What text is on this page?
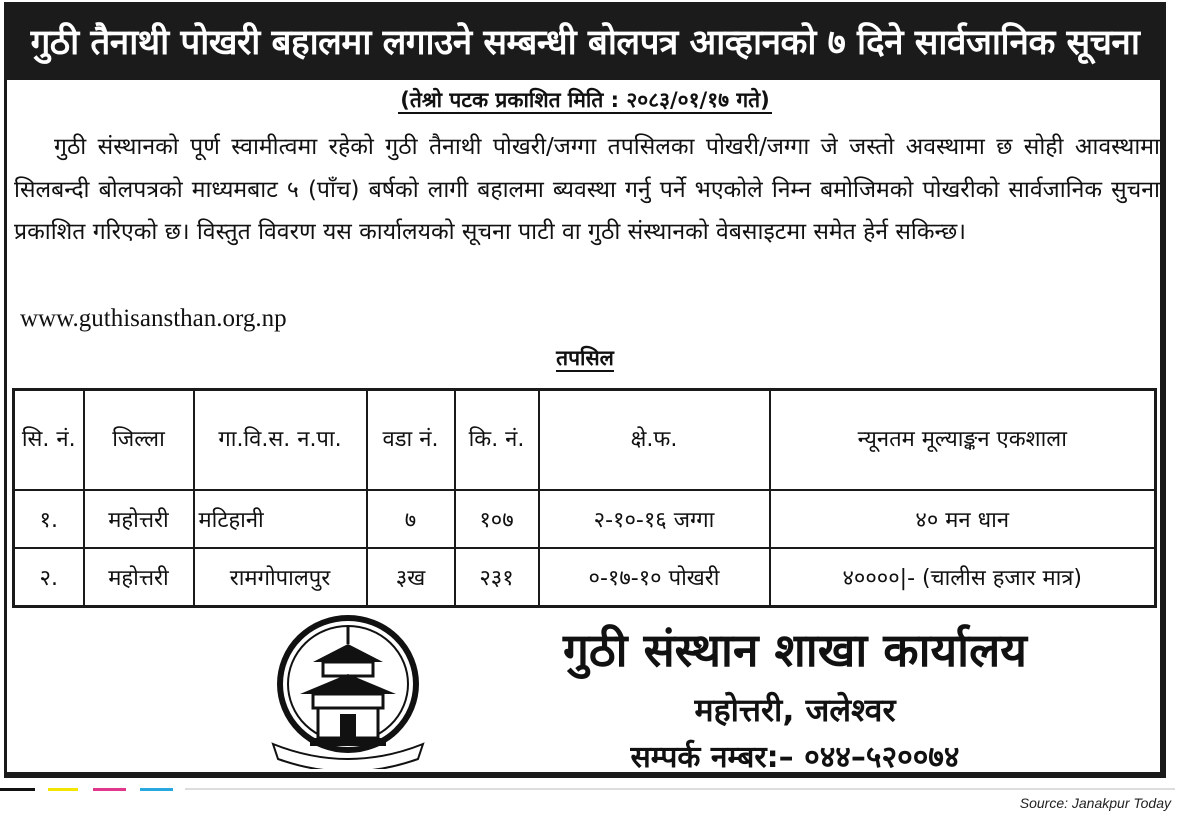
गुठी तैनाथी पोखरी बहालमा लगाउने सम्बन्धी बोलपत्र आव्हानको ७ दिने सार्वजानिक सूचना
(तेश्रो पटक प्रकाशित मिति : २०८३/०१/१७ गते)
गुठी संस्थानको पूर्ण स्वामीत्वमा रहेको गुठी तैनाथी पोखरी/जग्गा तपसिलका पोखरी/जग्गा जे जस्तो अवस्थामा छ सोही आवस्थामा सिलबन्दी बोलपत्रको माध्यमबाट ५ (पाँच) बर्षको लागी बहालमा ब्यवस्था गर्नु पर्ने भएकोले निम्न बमोजिमको पोखरीको सार्वजानिक सुचना प्रकाशित गरिएको छ। विस्तुत विवरण यस कार्यालयको सूचना पाटी वा गुठी संस्थानको वेबसाइटमा समेत हेर्न सकिन्छ।
www.guthisansthan.org.np
तपसिल
सि. नं.	जिल्ला	गा.वि.स. न.पा.	वडा नं.	कि. नं.	क्षे.फ.	न्यूनतम मूल्याङ्कन एकशाला
१.	महोत्तरी	मटिहानी	७	१०७	२-१०-१६ जग्गा	४० मन धान
२.	महोत्तरी	रामगोपालपुर	३ख	२३१	०-१७-१० पोखरी	४००००|- (चालीस हजार मात्र)
गुठी संस्थान शाखा कार्यालय
महोत्तरी, जलेश्वर
सम्पर्क नम्बर:– ०४४–५२००७४
Source: Janakpur Today
